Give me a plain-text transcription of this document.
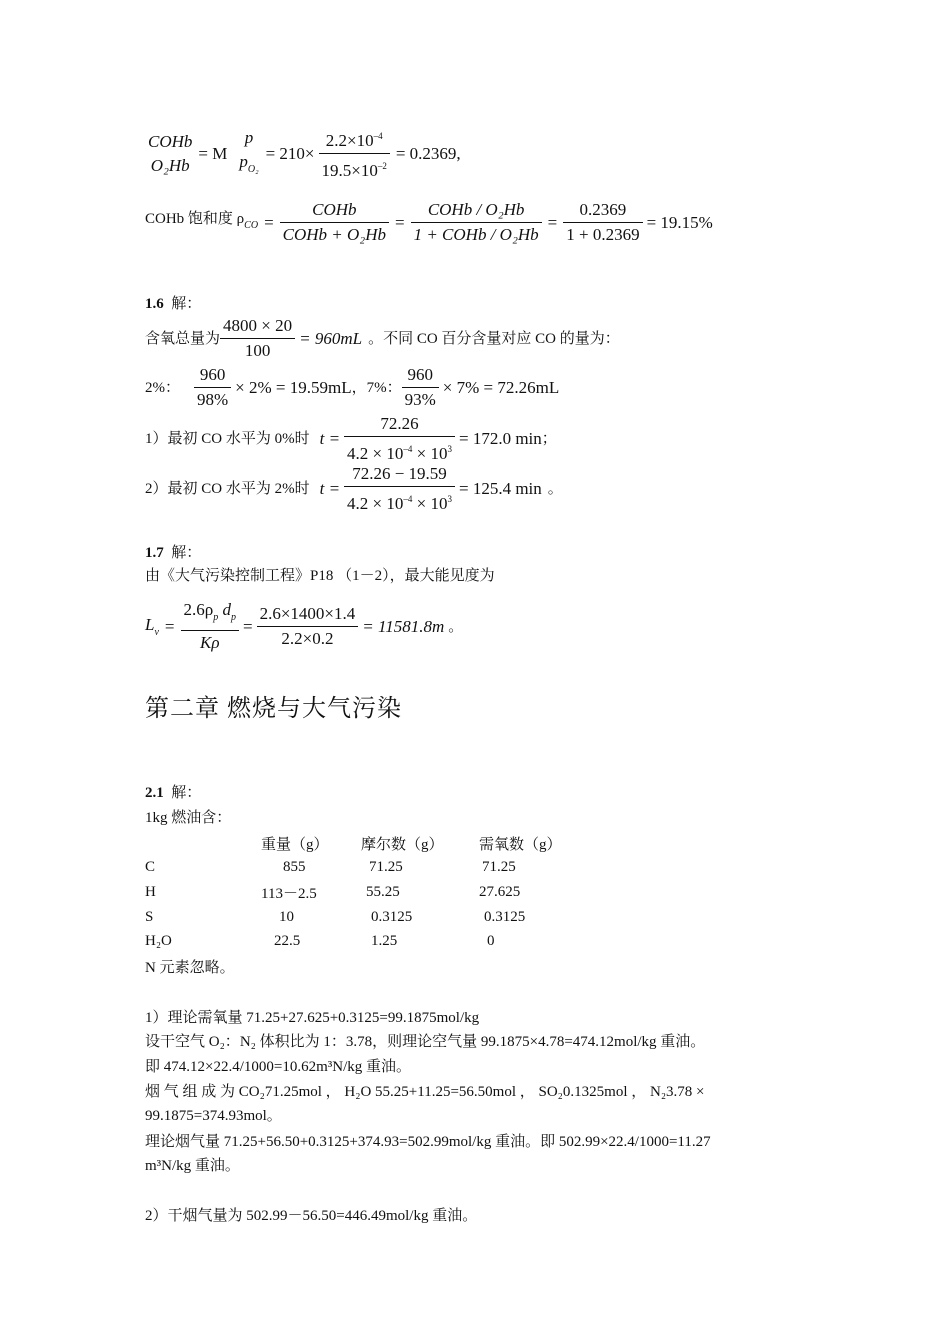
COHb
O₂Hb
= M
p
$p_{O_2}$
= $210\times \frac{2.2\times 10^{-4}}{19.5\times 10^{-2}} = 0.2369$,
COHb 饱和度 $\rho_{CO} = \frac{\text{COHb}}{\text{COHb + O₂Hb}} = \frac{\text{COHb / O₂Hb}}{\text{1 + COHb / O₂Hb}} = \frac{0.2369}{1 + 0.2369} = 19.15\%$
1.6 解：
含氧总量为 $\frac{4800 \times 20}{100} = 960mL$ 。不同 CO 百分含量对应 CO 的量为：
2%： $\frac{960}{98\%} \times 2\% = 19.59mL$ ，7%： $\frac{960}{93\%} \times 7\% = 72.26mL$
1）最初 CO 水平为 0%时 $t = \frac{72.26}{4.2 \times 10^{-4} \times 10^3} = 172.0$ min ；
2）最初 CO 水平为 2%时 $t = \frac{72.26 - 19.59}{4.2 \times 10^{-4} \times 10^3} = 125.4$ min 。
1.7 解：
由《大气污染控制工程》P18 （1－2），最大能见度为
$L_v = \frac{2.6\rho_p d_p}{K\rho} = \frac{2.6\times 1400\times 1.4}{2.2\times 0.2} = 11581.8m$ 。
第二章 燃烧与大气污染
2.1 解：
1kg 燃油含：
	重量（g）	摩尔数（g）	需氧数（g）
C	855	71.25	71.25
H	113－2.5	55.25	27.625
S	10	0.3125	0.3125
H₂O	22.5	1.25	0
N 元素忽略。
1）理论需氧量 71.25+27.625+0.3125=99.1875mol/kg
设干空气 O₂：N₂ 体积比为 1：3.78，则理论空气量 99.1875×4.78=474.12mol/kg 重油。
即 474.12×22.4/1000=10.62m³N/kg 重油。
烟 气 组 成 为 CO₂71.25mol ， H₂O 55.25+11.25=56.50mol ， SO₂0.1325mol ， N₂3.78 ×
99.1875=374.93mol。
理论烟气量 71.25+56.50+0.3125+374.93=502.99mol/kg 重油。即 502.99×22.4/1000=11.27
m³N/kg 重油。
2）干烟气量为 502.99－56.50=446.49mol/kg 重油。
